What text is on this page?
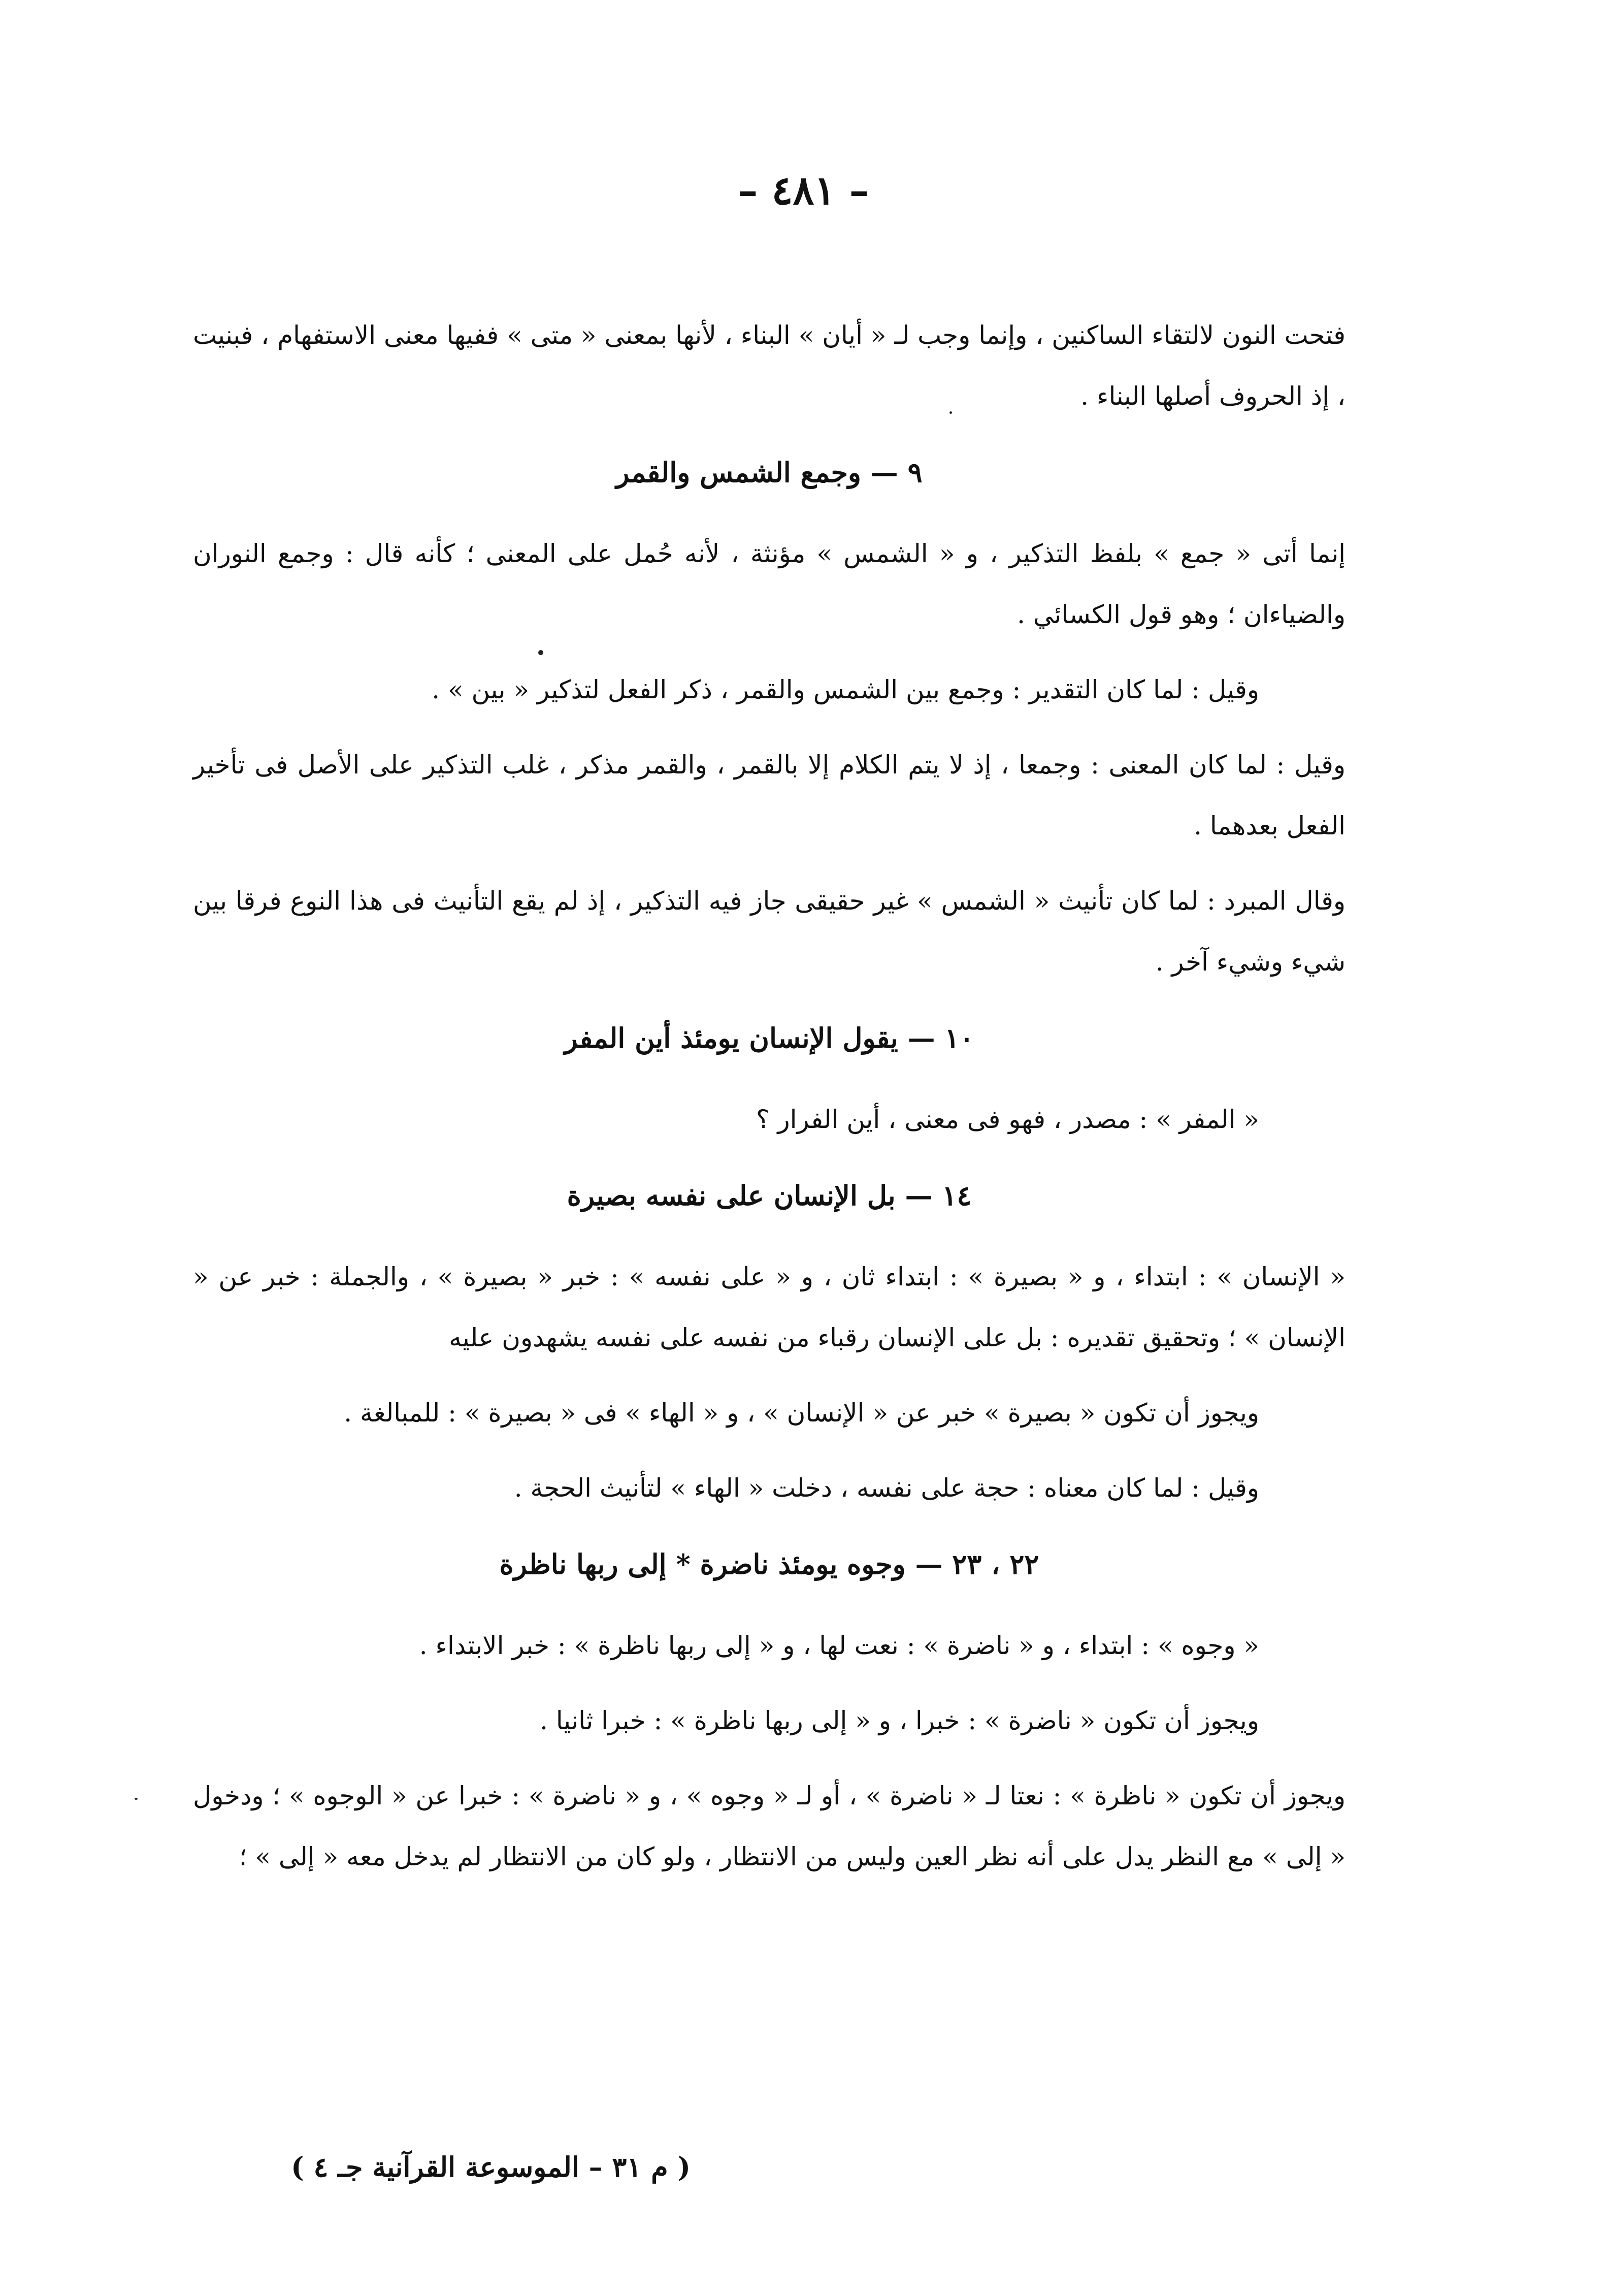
– ٤٨١ –

فتحت النون لالتقاء الساكنين ، وإنما وجب لـ « أيان » البناء ، لأنها بمعنى « متى » ففيها معنى الاستفهام ، فبنيت ، إذ الحروف أصلها البناء .

٩ — وجمع الشمس والقمر

إنما أتى « جمع » بلفظ التذكير ، و « الشمس » مؤنثة ، لأنه حُمل على المعنى ؛ كأنه قال : وجمع النوران والضياءان ؛ وهو قول الكسائي .

وقيل : لما كان التقدير : وجمع بين الشمس والقمر ، ذكر الفعل لتذكير « بين » .

وقيل : لما كان المعنى : وجمعا ، إذ لا يتم الكلام إلا بالقمر ، والقمر مذكر ، غلب التذكير على الأصل فى تأخير الفعل بعدهما .

وقال المبرد : لما كان تأنيث « الشمس » غير حقيقى جاز فيه التذكير ، إذ لم يقع التأنيث فى هذا النوع فرقا بين شيء وشيء آخر .

١٠ — يقول الإنسان يومئذ أين المفر

« المفر » : مصدر ، فهو فى معنى ، أين الفرار ؟

١٤ — بل الإنسان على نفسه بصيرة

« الإنسان » : ابتداء ، و « بصيرة » : ابتداء ثان ، و « على نفسه » : خبر « بصيرة » ، والجملة : خبر عن « الإنسان » ؛ وتحقيق تقديره : بل على الإنسان رقباء من نفسه على نفسه يشهدون عليه

ويجوز أن تكون « بصيرة » خبر عن « الإنسان » ، و « الهاء » فى « بصيرة » : للمبالغة .

وقيل : لما كان معناه : حجة على نفسه ، دخلت « الهاء » لتأنيث الحجة .

٢٢ ، ٢٣ — وجوه يومئذ ناضرة * إلى ربها ناظرة

« وجوه » : ابتداء ، و « ناضرة » : نعت لها ، و « إلى ربها ناظرة » : خبر الابتداء .

ويجوز أن تكون « ناضرة » : خبرا ، و « إلى ربها ناظرة » : خبرا ثانيا .

ويجوز أن تكون « ناظرة » : نعتا لـ « ناضرة » ، أو لـ « وجوه » ، و « ناضرة » : خبرا عن « الوجوه » ؛ ودخول « إلى » مع النظر يدل على أنه نظر العين وليس من الانتظار ، ولو كان من الانتظار لم يدخل معه « إلى » ؛

( م ٣١ – الموسوعة القرآنية جـ ٤ )
